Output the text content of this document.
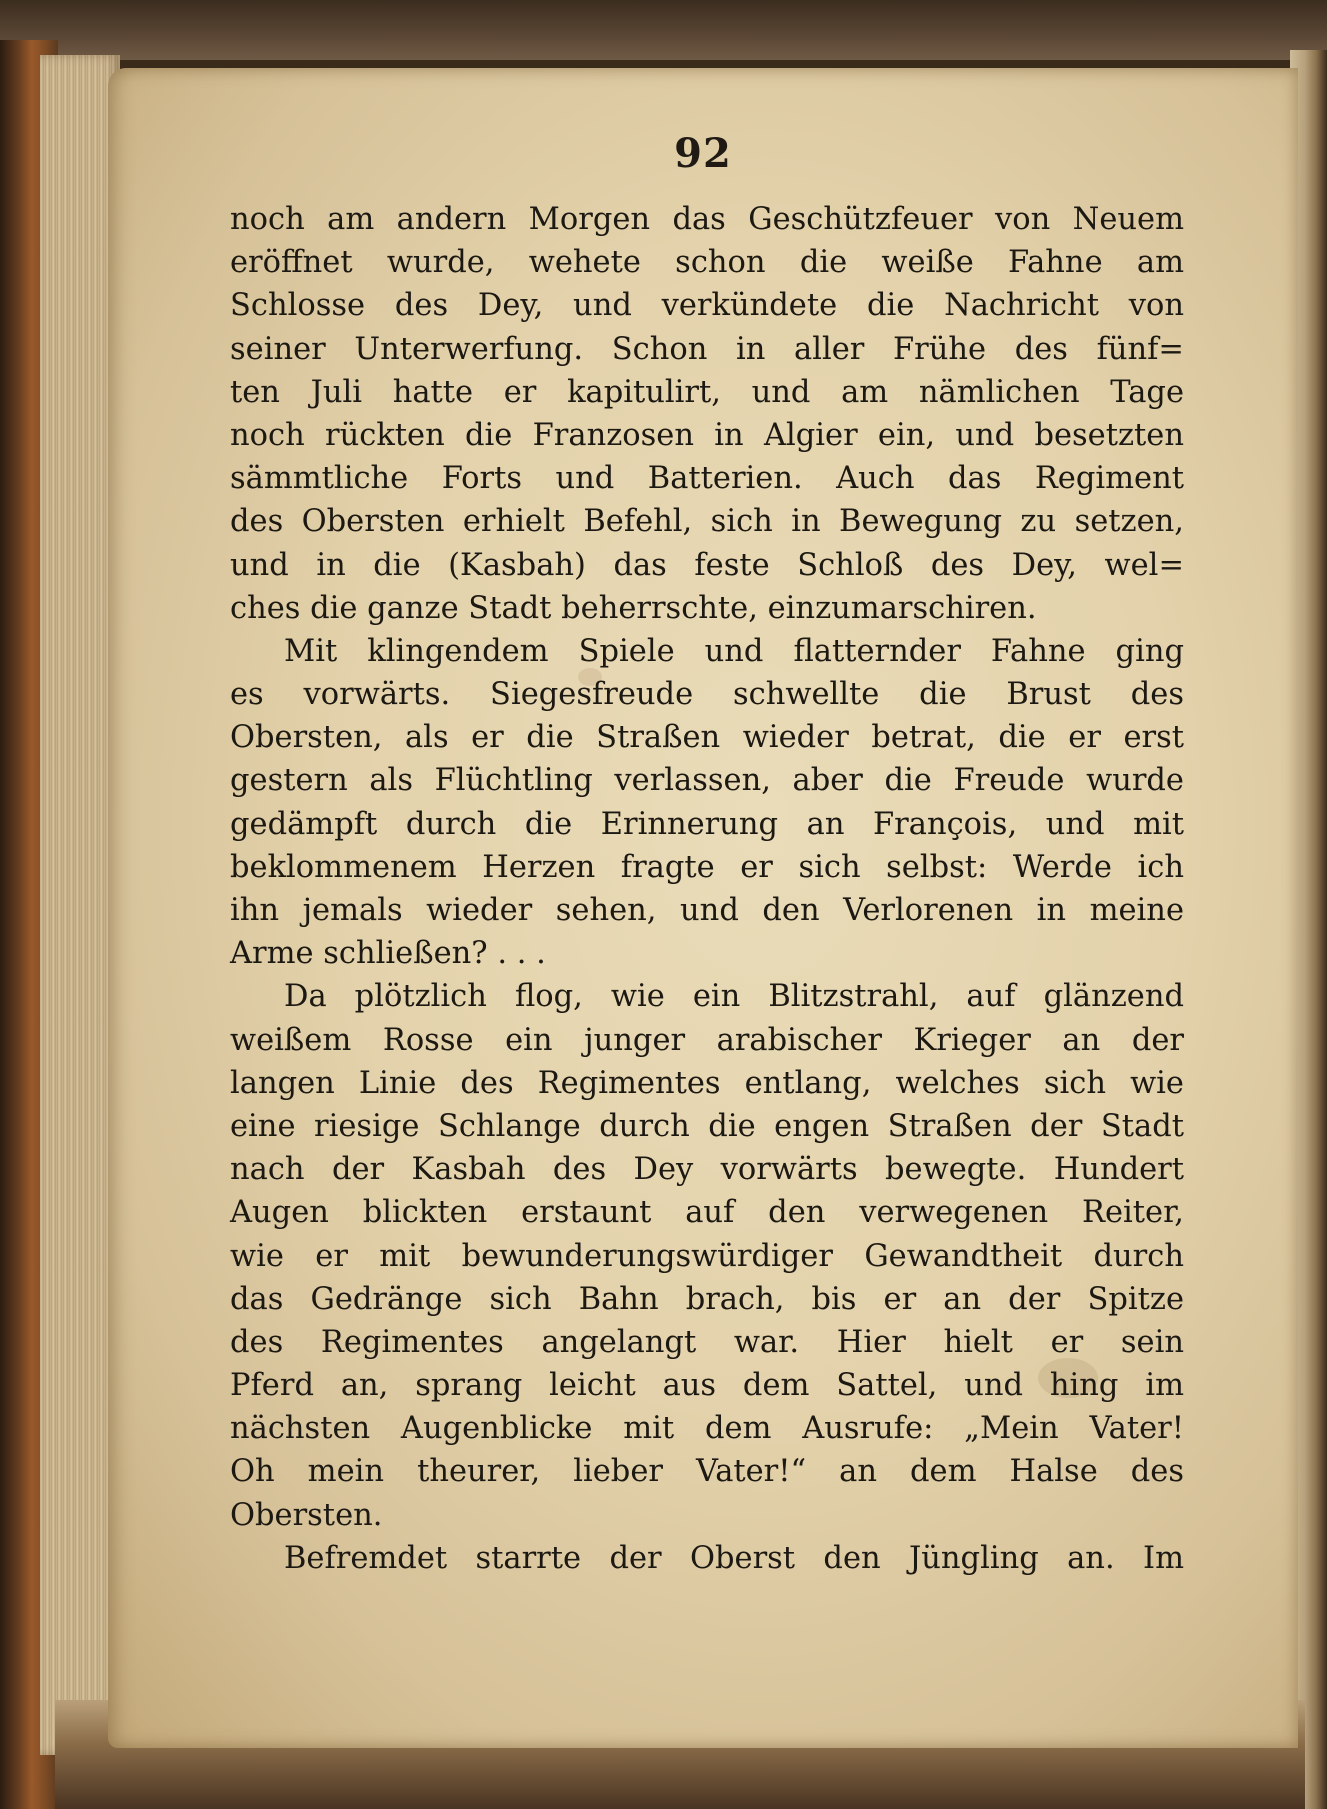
92
noch am andern Morgen das Geschützfeuer von Neuem
eröffnet wurde, wehete schon die weiße Fahne am
Schlosse des Dey, und verkündete die Nachricht von
seiner Unterwerfung. Schon in aller Frühe des fünf=
ten Juli hatte er kapitulirt, und am nämlichen Tage
noch rückten die Franzosen in Algier ein, und besetzten
sämmtliche Forts und Batterien. Auch das Regiment
des Obersten erhielt Befehl, sich in Bewegung zu setzen,
und in die (Kasbah) das feste Schloß des Dey, wel=
ches die ganze Stadt beherrschte, einzumarschiren.
Mit klingendem Spiele und flatternder Fahne ging
es vorwärts. Siegesfreude schwellte die Brust des
Obersten, als er die Straßen wieder betrat, die er erst
gestern als Flüchtling verlassen, aber die Freude wurde
gedämpft durch die Erinnerung an François, und mit
beklommenem Herzen fragte er sich selbst: Werde ich
ihn jemals wieder sehen, und den Verlorenen in meine
Arme schließen? . . .
Da plötzlich flog, wie ein Blitzstrahl, auf glänzend
weißem Rosse ein junger arabischer Krieger an der
langen Linie des Regimentes entlang, welches sich wie
eine riesige Schlange durch die engen Straßen der Stadt
nach der Kasbah des Dey vorwärts bewegte. Hundert
Augen blickten erstaunt auf den verwegenen Reiter,
wie er mit bewunderungswürdiger Gewandtheit durch
das Gedränge sich Bahn brach, bis er an der Spitze
des Regimentes angelangt war. Hier hielt er sein
Pferd an, sprang leicht aus dem Sattel, und hing im
nächsten Augenblicke mit dem Ausrufe: „Mein Vater!
Oh mein theurer, lieber Vater!“ an dem Halse des
Obersten.
Befremdet starrte der Oberst den Jüngling an. Im
